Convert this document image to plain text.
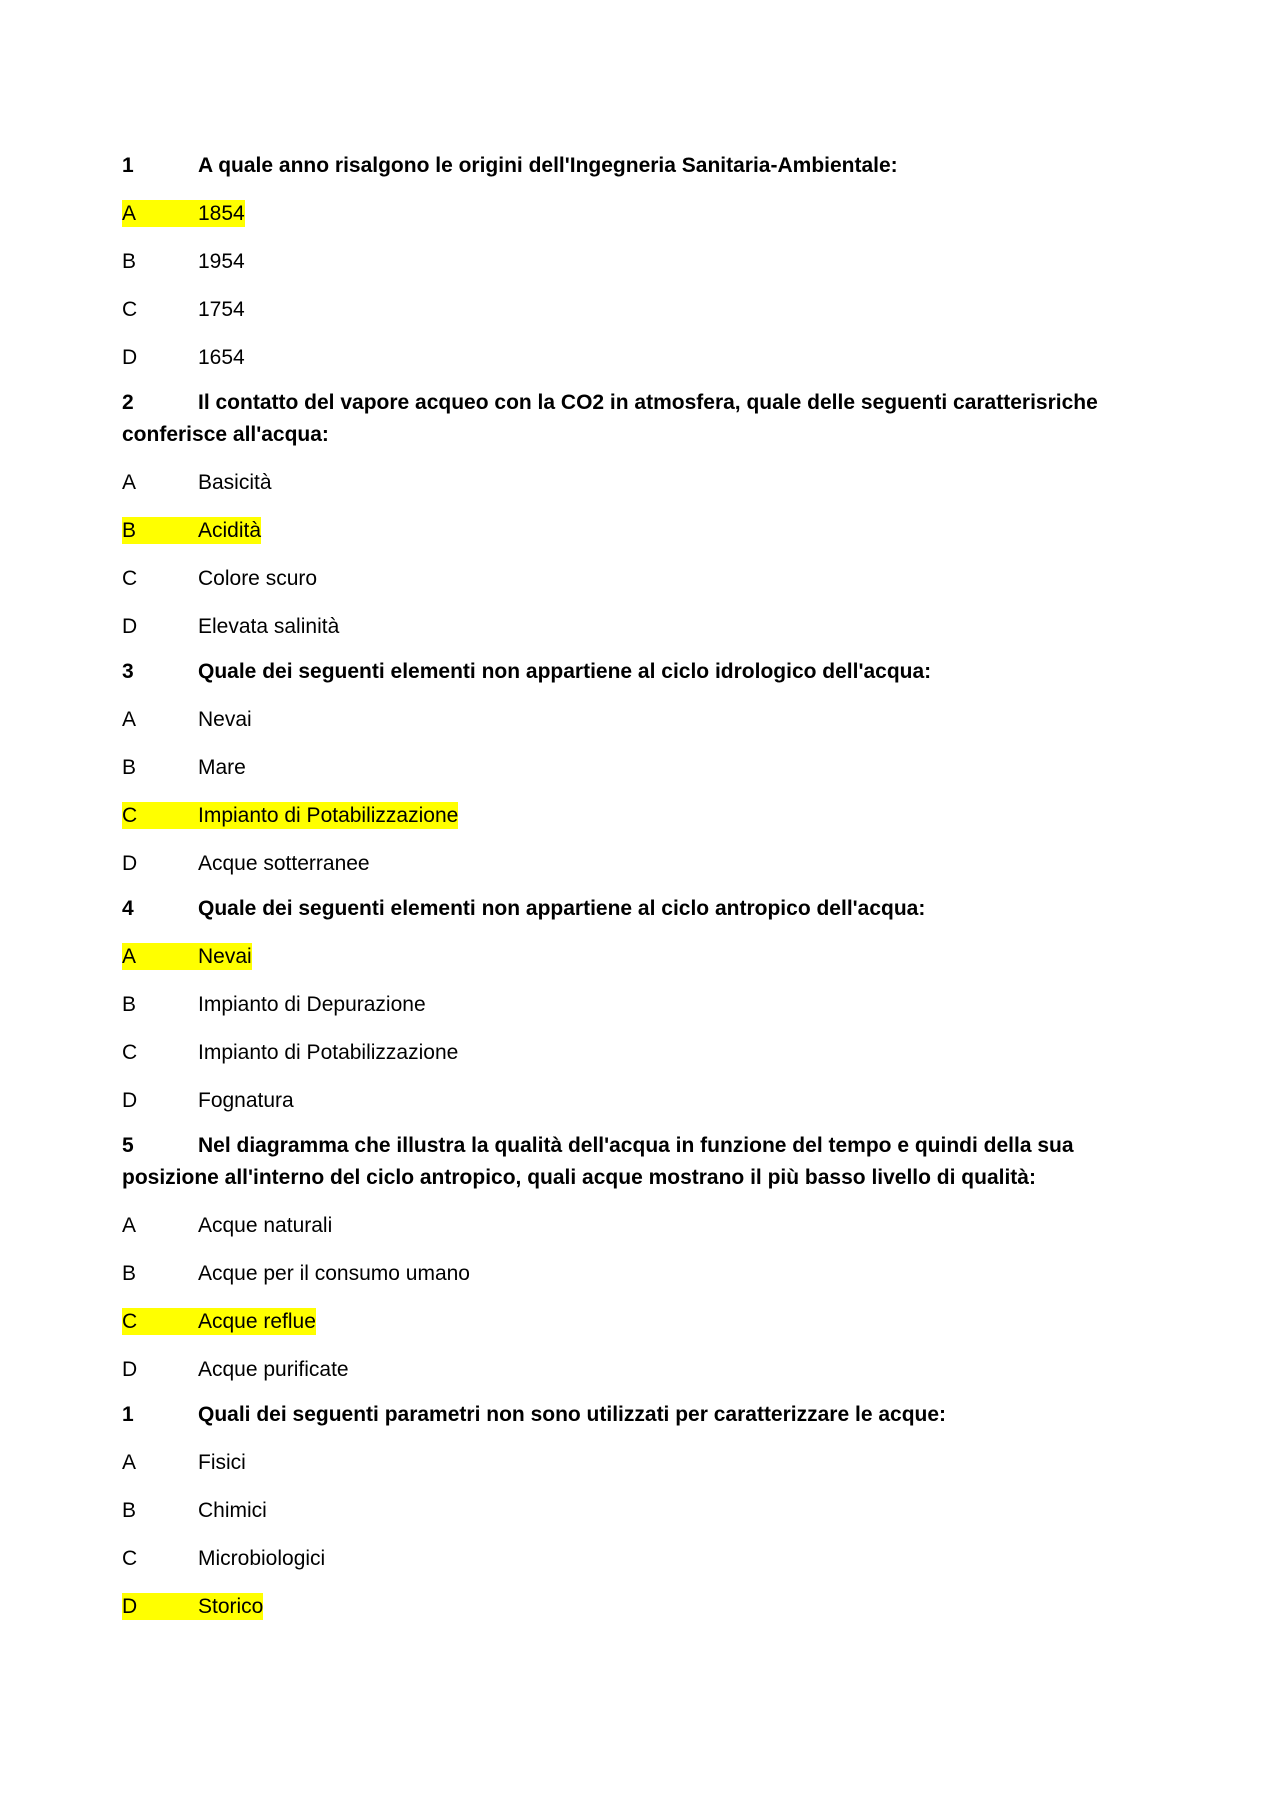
1	A quale anno risalgono le origini dell'Ingegneria Sanitaria-Ambientale:

A	1854

B	1954

C	1754

D	1654

2	Il contatto del vapore acqueo con la CO2 in atmosfera, quale delle seguenti caratterisriche conferisce all'acqua:

A	Basicità

B	Acidità

C	Colore scuro

D	Elevata salinità

3	Quale dei seguenti elementi non appartiene al ciclo idrologico dell'acqua:

A	Nevai

B	Mare

C	Impianto di Potabilizzazione

D	Acque sotterranee

4	Quale dei seguenti elementi non appartiene al ciclo antropico dell'acqua:

A	Nevai

B	Impianto di Depurazione

C	Impianto di Potabilizzazione

D	Fognatura

5	Nel diagramma che illustra la qualità dell'acqua in funzione del tempo e quindi della sua posizione all'interno del ciclo antropico, quali acque mostrano il più basso livello di qualità:

A	Acque naturali

B	Acque per il consumo umano

C	Acque reflue

D	Acque purificate

1	Quali dei seguenti parametri non sono utilizzati per caratterizzare le acque:

A	Fisici

B	Chimici

C	Microbiologici

D	Storico
